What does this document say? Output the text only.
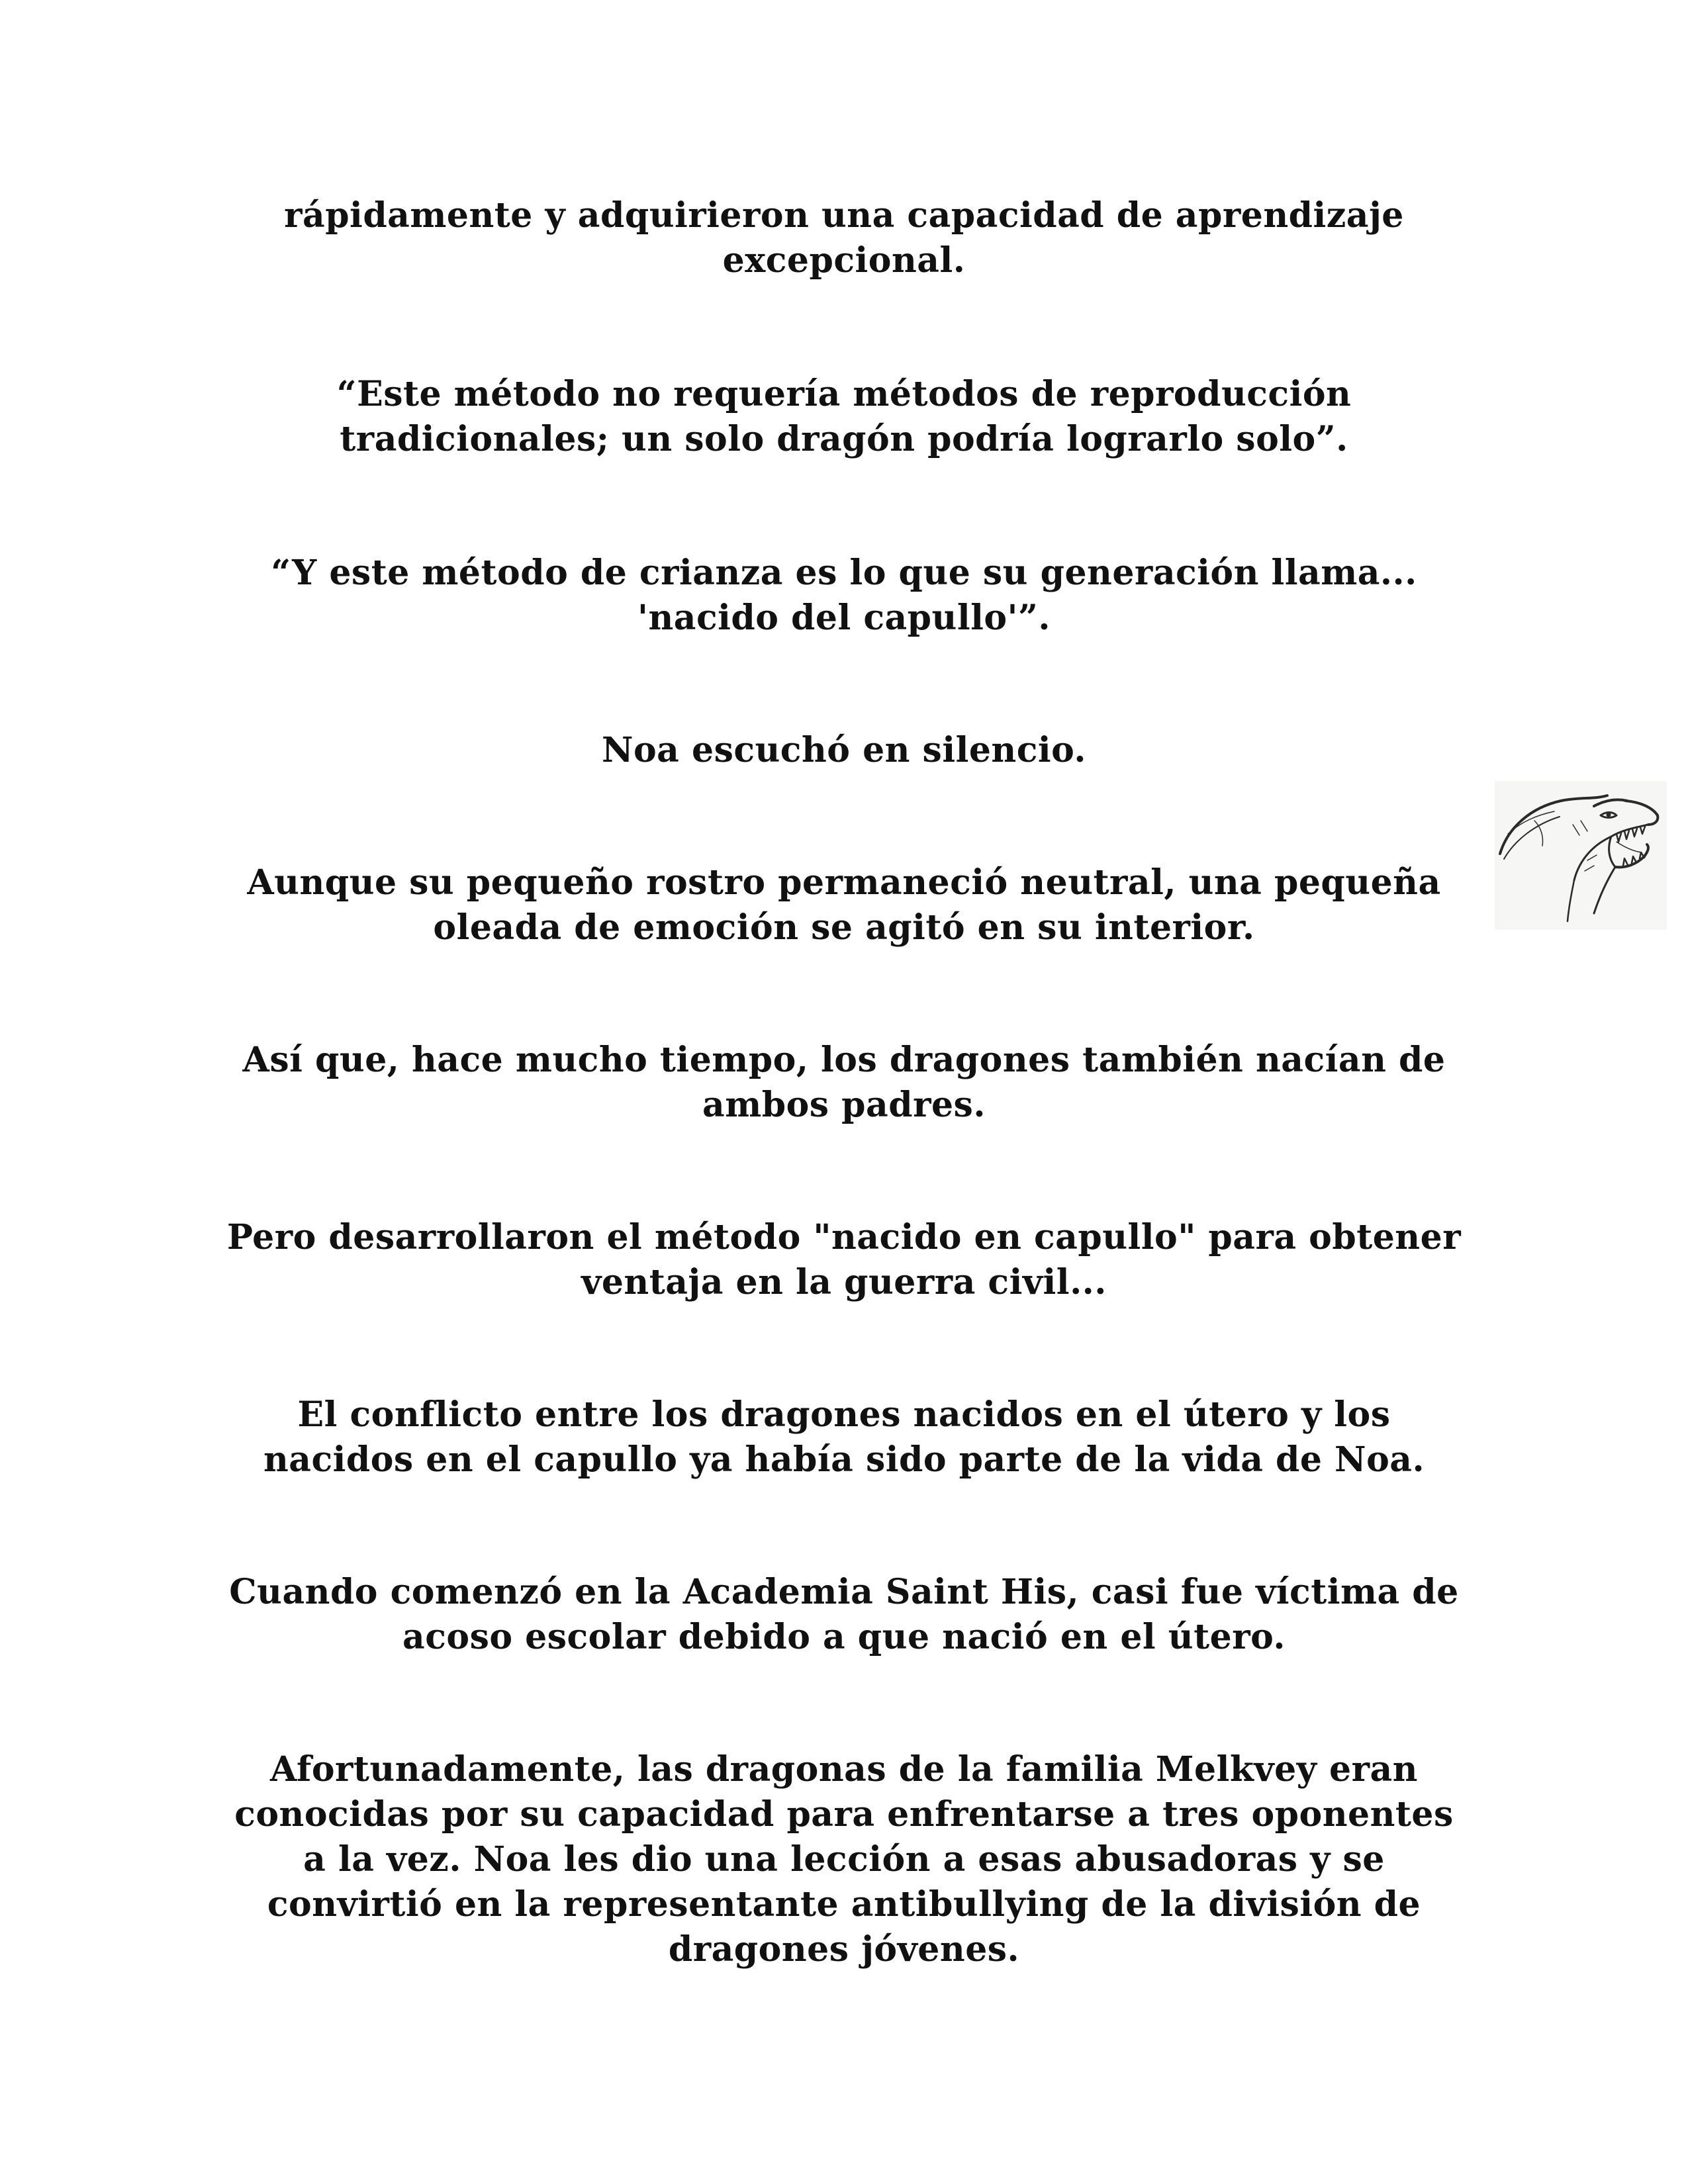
rápidamente y adquirieron una capacidad de aprendizaje
excepcional.

“Este método no requería métodos de reproducción
tradicionales; un solo dragón podría lograrlo solo”.

“Y este método de crianza es lo que su generación llama...
'nacido del capullo'”.

Noa escuchó en silencio.

Aunque su pequeño rostro permaneció neutral, una pequeña
oleada de emoción se agitó en su interior.

Así que, hace mucho tiempo, los dragones también nacían de
ambos padres.

Pero desarrollaron el método "nacido en capullo" para obtener
ventaja en la guerra civil...

El conflicto entre los dragones nacidos en el útero y los
nacidos en el capullo ya había sido parte de la vida de Noa.

Cuando comenzó en la Academia Saint His, casi fue víctima de
acoso escolar debido a que nació en el útero.

Afortunadamente, las dragonas de la familia Melkvey eran
conocidas por su capacidad para enfrentarse a tres oponentes
a la vez. Noa les dio una lección a esas abusadoras y se
convirtió en la representante antibullying de la división de
dragones jóvenes.
